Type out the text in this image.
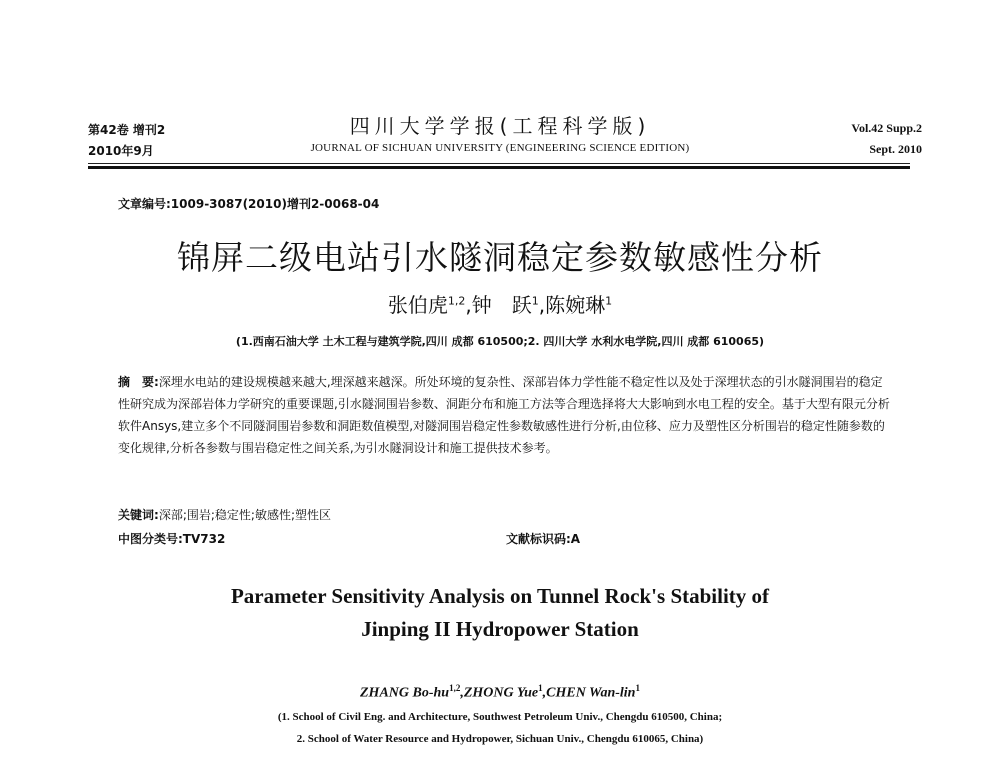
第42卷 增刊2
2010年9月
四川大学学报(工程科学版)
JOURNAL OF SICHUAN UNIVERSITY (ENGINEERING SCIENCE EDITION)
Vol.42 Supp.2
Sept. 2010
文章编号:1009-3087(2010)增刊2-0068-04
锦屏二级电站引水隧洞稳定参数敏感性分析
张伯虎$^{1,2}$,钟　跃$^1$,陈婉琳$^1$
(1.西南石油大学 土木工程与建筑学院,四川 成都 610500;2. 四川大学 水利水电学院,四川 成都 610065)
摘　要:深埋水电站的建设规模越来越大,埋深越来越深。所处环境的复杂性、深部岩体力学性能不稳定性以及处于深埋状态的引水隧洞围岩的稳定性研究成为深部岩体力学研究的重要课题,引水隧洞围岩参数、洞距分布和施工方法等合理选择将大大影响到水电工程的安全。基于大型有限元分析软件Ansys,建立多个不同隧洞围岩参数和洞距数值模型,对隧洞围岩稳定性参数敏感性进行分析,由位移、应力及塑性区分析围岩的稳定性随参数的变化规律,分析各参数与围岩稳定性之间关系,为引水隧洞设计和施工提供技术参考。
关键词:深部;围岩;稳定性;敏感性;塑性区
中图分类号:TV732	文献标识码:A
Parameter Sensitivity Analysis on Tunnel Rock's Stability of
Jinping II Hydropower Station
ZHANG Bo-hu$^{1,2}$,ZHONG Yue$^1$,CHEN Wan-lin$^1$
(1. School of Civil Eng. and Architecture, Southwest Petroleum Univ., Chengdu 610500, China;
2. School of Water Resource and Hydropower, Sichuan Univ., Chengdu 610065, China)
